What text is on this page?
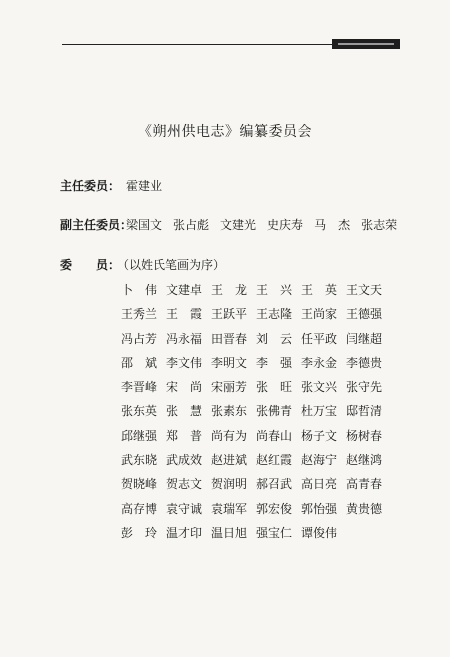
《朔州供电志》编纂委员会
主任委员： 霍建业
副主任委员：
梁国文 张占彪 文建光 史庆寿 马　杰 张志荣
委　　员：
（以姓氏笔画为序）
卜　伟 文建卓 王　龙 王　兴 王　英 王文天
王秀兰 王　霞 王跃平 王志隆 王尚家 王德强
冯占芳 冯永福 田晋春 刘　云 任平政 闫继超
邵　斌 李文伟 李明文 李　强 李永金 李德贵
李晋峰 宋　尚 宋丽芳 张　旺 张文兴 张守先
张东英 张　慧 张素东 张佛青 杜万宝 邸哲清
邱继强 郑　普 尚有为 尚春山 杨子文 杨树春
武东晓 武成效 赵进斌 赵红霞 赵海宁 赵继鸿
贺晓峰 贺志文 贺润明 郝召武 高日亮 高青春
高存博 袁守诚 袁瑞军 郭宏俊 郭怡强 黄贵德
彭　玲 温才印 温日旭 强宝仁 谭俊伟
